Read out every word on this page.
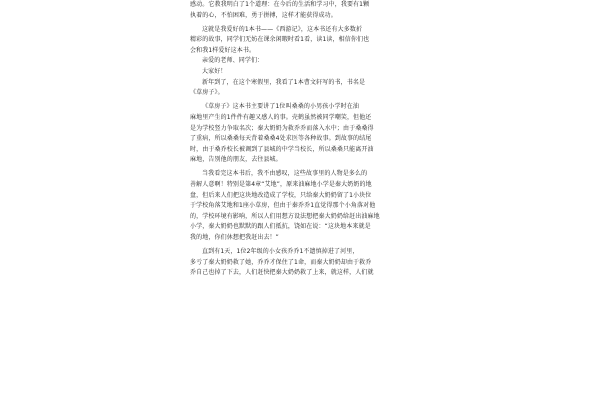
感动。它教我明白了1个道理：在今后的生活和学习中，我要有1颗
执着的心，不怕困难，勇于拼搏，这样才能获得成功。
这就是我爱好的1本书——《西游记》，这本书还有大多数折
精彩的故事，同学们无妨在课余闲暇时看1看，读1读，相信你们也
会和我1样爱好这本书。
亲爱的老师、同学们：
大家好！
新年到了，在这个寒假里，我看了1本曹文轩写的书，书名是
《草房子》。
《草房子》这本书主要讲了1位叫桑桑的小男孩小学时在油
麻地里产生的1件件有趣又感人的事。壳鹤虽然被同学嘲笑，但他还
是为学校竖力争取名次；秦大奶奶为救乔乔而落入水中；由于桑桑得
了重病，所以桑桑每天背着桑桑4处求医等各种故事。到故事的结尾
时，由于桑乔校长被调到了县城的中学当校长，所以桑桑只能离开油
麻地，告别他的朋友，去往县城。
当我看完这本书后，我不由感叹，这些故事里的人物是多么的
善解人意啊！特别是第4章“艾地”，原来油麻地小学是秦大奶奶的地
盘，但后来人们把这块地改造成了学校，只给秦大奶奶留了1小块位
于学校角落艾地和1座小草房，但由于秦乔乔1直觉得那个小角落对他
的，学校环境有影响，所以人们用想方设法想把秦大奶奶给赶出油麻地
小学，秦大奶奶也默默的跟人们抵抗，饶如在说：“这块地本来就是
我的地，你们休想把我赶出去！”
直到有1天，1位2年级的小女孩乔乔1不遗慎掉进了河里，
多亏了秦大奶奶救了她，乔乔才保住了1命，而秦大奶奶却由于救乔
乔自己也掉了下去，人们赶快把秦大奶奶救了上来，就这样，人们就
